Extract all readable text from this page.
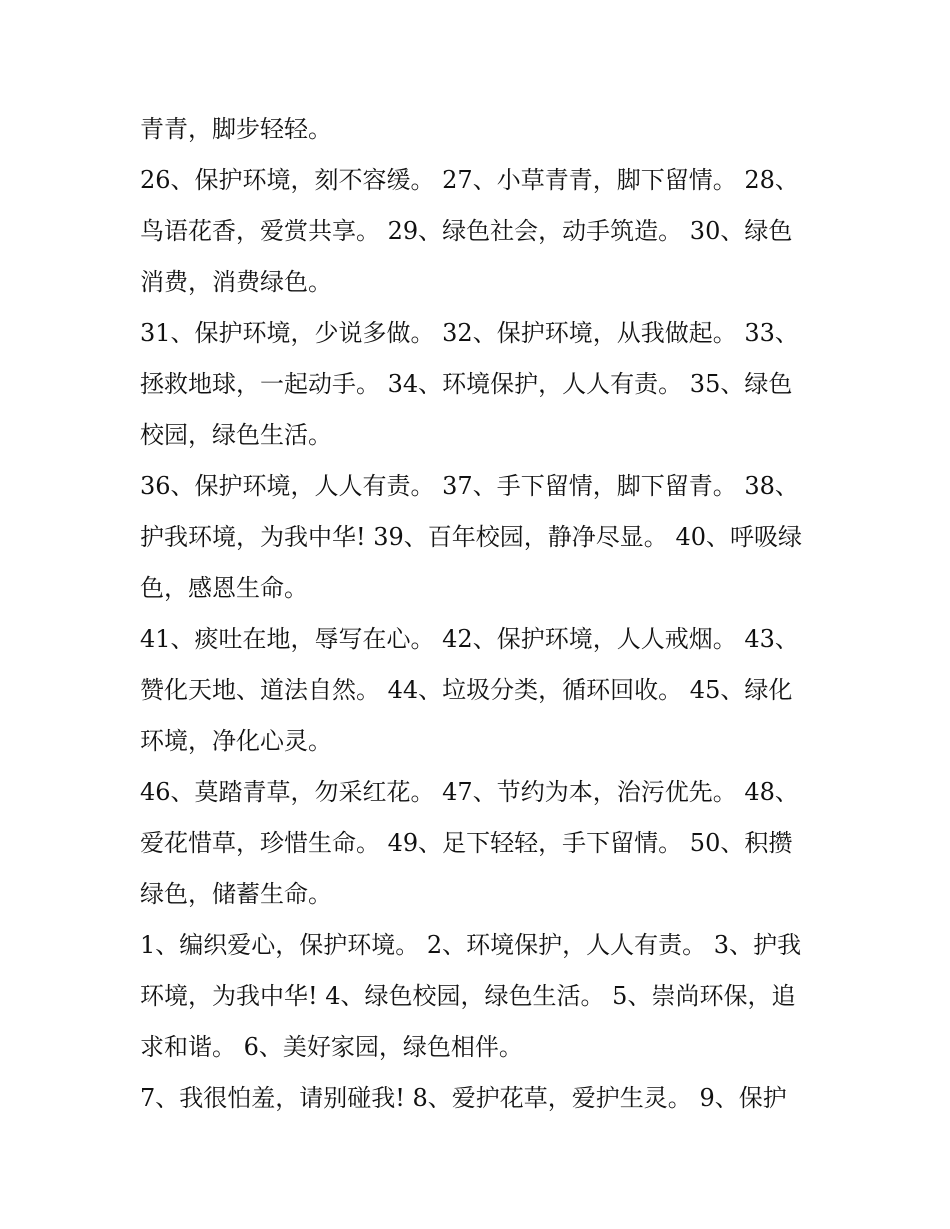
青青，脚步轻轻。
26、保护环境，刻不容缓。 27、小草青青，脚下留情。 28、
鸟语花香，爱赏共享。 29、绿色社会，动手筑造。 30、绿色
消费，消费绿色。
31、保护环境，少说多做。 32、保护环境，从我做起。 33、
拯救地球，一起动手。 34、环境保护，人人有责。 35、绿色
校园，绿色生活。
36、保护环境，人人有责。 37、手下留情，脚下留青。 38、
护我环境，为我中华! 39、百年校园，静净尽显。 40、呼吸绿
色，感恩生命。
41、痰吐在地，辱写在心。 42、保护环境，人人戒烟。 43、
赞化天地、道法自然。 44、垃圾分类，循环回收。 45、绿化
环境，净化心灵。
46、莫踏青草，勿采红花。 47、节约为本，治污优先。 48、
爱花惜草，珍惜生命。 49、足下轻轻，手下留情。 50、积攒
绿色，储蓄生命。
1、编织爱心，保护环境。 2、环境保护，人人有责。 3、护我
环境，为我中华! 4、绿色校园，绿色生活。 5、崇尚环保，追
求和谐。 6、美好家园，绿色相伴。
7、我很怕羞，请别碰我! 8、爱护花草，爱护生灵。 9、保护
